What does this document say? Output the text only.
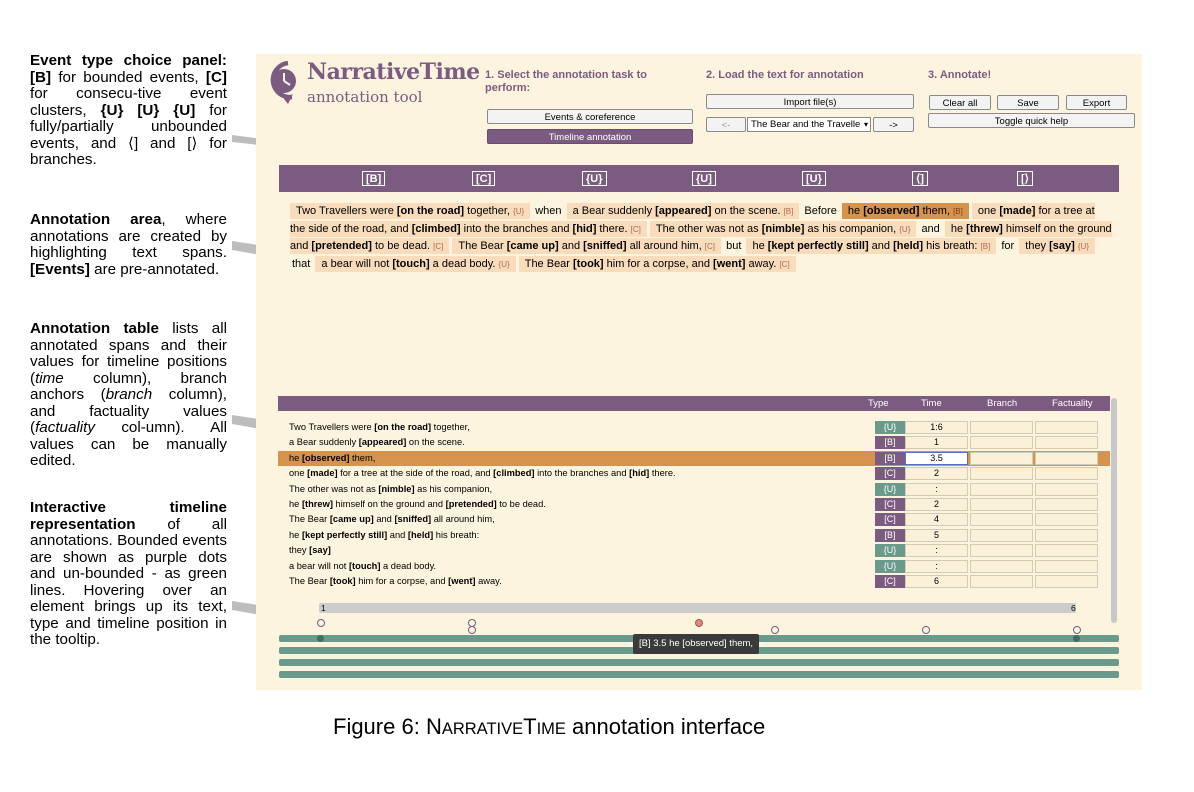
Event type choice panel: [B] for bounded events, [C] for consecu-tive event clusters, {U} [U} {U] for fully/partially unbounded events, and ⟨] and [⟩ for branches.
Annotation area, where annotations are created by highlighting text spans. [Events] are pre-annotated.
Annotation table lists all annotated spans and their values for timeline positions (time column), branch anchors (branch column), and factuality values (factuality col-umn). All values can be manually edited.
Interactive timeline representation of all annotations. Bounded events are shown as purple dots and un-bounded - as green lines. Hovering over an element brings up its text, type and timeline position in the tooltip.
NarrativeTime
annotation tool
1. Select the annotation task to perform:
2. Load the text for annotation	3. Annotate!
Events & coreference
Timeline annotation
Import file(s)
<-	The Bear and the Travelle ▾	->
Clear all	Save	Export
Toggle quick help
[B]	[C]	{U}	{U]	[U}	⟨]	[⟩
Two Travellers were [on the road] together, {U} when a Bear suddenly [appeared] on the scene. [B] Before he [observed] them, [B] one [made] for a tree at the side of the road, and [climbed] into the branches and [hid] there. [C] The other was not as [nimble] as his companion, {U} and he [threw] himself on the ground and [pretended] to be dead. [C] The Bear [came up] and [sniffed] all around him, [C] but he [kept perfectly still] and [held] his breath: [B] for they [say] {U} that a bear will not [touch] a dead body. {U} The Bear [took] him for a corpse, and [went] away. [C]
Type	Time	Branch	Factuality
Two Travellers were [on the road] together,	{U}	1:6
a Bear suddenly [appeared] on the scene.	[B]	1
he [observed] them,	[B]	3.5
one [made] for a tree at the side of the road, and [climbed] into the branches and [hid] there.	[C]	2
The other was not as [nimble] as his companion,	{U}	:
he [threw] himself on the ground and [pretended] to be dead.	[C]	2
The Bear [came up] and [sniffed] all around him,	[C]	4
he [kept perfectly still] and [held] his breath:	[B]	5
they [say]	{U}	:
a bear will not [touch] a dead body.	{U}	:
The Bear [took] him for a corpse, and [went] away.	[C]	6
1	6
[B] 3.5 he [observed] them,
Figure 6: NARRATIVETIME annotation interface
